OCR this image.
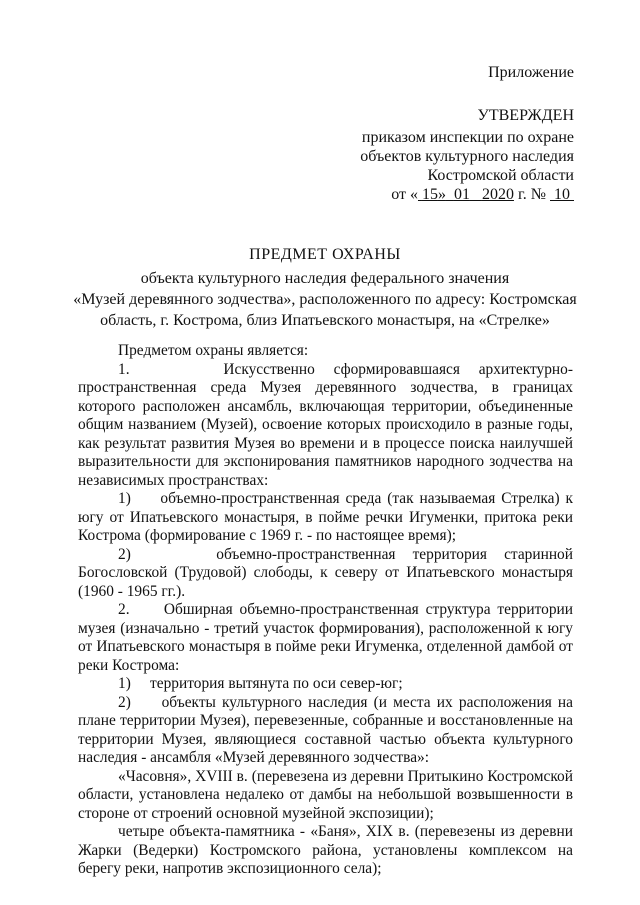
Приложение
УТВЕРЖДЕН
приказом инспекции по охране
объектов культурного наследия
Костромской области
от « 15» 01 2020 г. № 10
ПРЕДМЕТ ОХРАНЫ
объекта культурного наследия федерального значения
«Музей деревянного зодчества», расположенного по адресу: Костромская
область, г. Кострома, близ Ипатьевского монастыря, на «Стрелке»

Предметом охраны является:

1.     Искусственно сформировавшаяся архитектурно-пространственная среда Музея деревянного зодчества, в границах которого расположен ансамбль, включающая территории, объединенные общим названием (Музей), освоение которых происходило в разные годы, как результат развития Музея во времени и в процессе поиска наилучшей выразительности для экспонирования памятников народного зодчества на независимых пространствах:

1)     объемно-пространственная среда (так называемая Стрелка) к югу от Ипатьевского монастыря, в пойме речки Игуменки, притока реки Кострома (формирование с 1969 г. - по настоящее время);

2)     объемно-пространственная территория старинной Богословской (Трудовой) слободы, к северу от Ипатьевского монастыря (1960 - 1965 гг.).

2.     Обширная объемно-пространственная структура территории музея (изначально - третий участок формирования), расположенной к югу от Ипатьевского монастыря в пойме реки Игуменка, отделенной дамбой от реки Кострома:

1)     территория вытянута по оси север-юг;

2)     объекты культурного наследия (и места их расположения на плане территории Музея), перевезенные, собранные и восстановленные на территории Музея, являющиеся составной частью объекта культурного наследия - ансамбля «Музей деревянного зодчества»:

«Часовня», XVIII в. (перевезена из деревни Притыкино Костромской области, установлена недалеко от дамбы на небольшой возвышенности в стороне от строений основной музейной экспозиции);

четыре объекта-памятника - «Баня», XIX в. (перевезены из деревни Жарки (Ведерки) Костромского района, установлены комплексом на берегу реки, напротив экспозиционного села);
